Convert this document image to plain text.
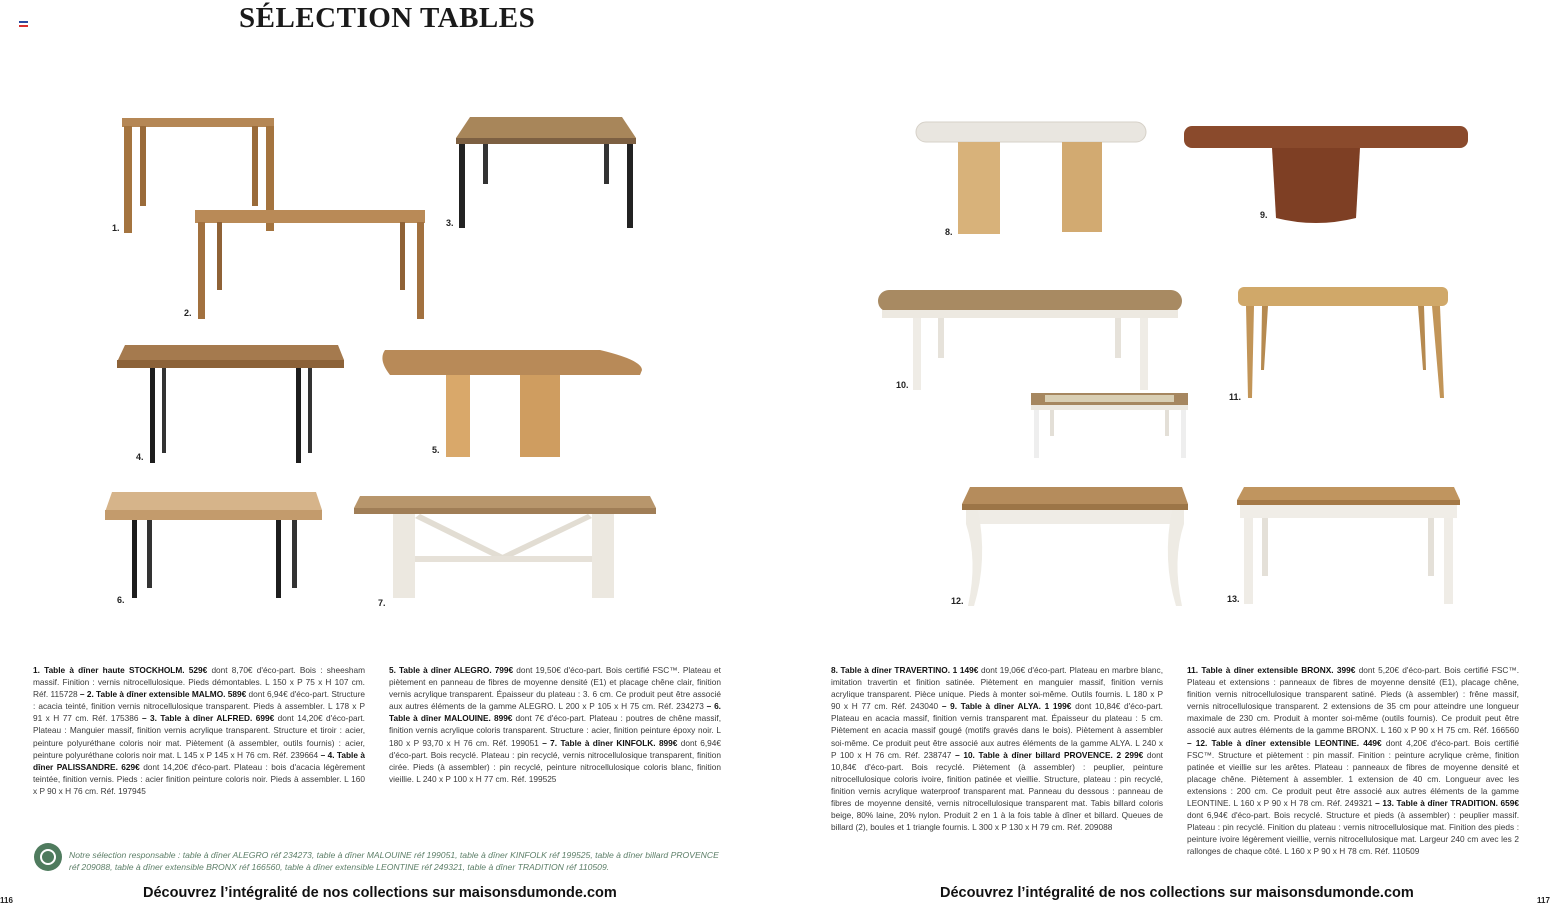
SÉLECTION TABLES
1.
2.
3.
4.
5.
6.	7.
8.
9.
10.
11.
12.	13.
1. Table à dîner haute STOCKHOLM. 529€ dont 8,70€ d'éco-part. Bois : sheesham massif. Finition : vernis nitrocellulosique. Pieds démontables. L 150 x P 75 x H 107 cm. Réf. 115728 – 2. Table à dîner extensible MALMO. 589€ dont 6,94€ d'éco-part. Structure : acacia teinté, finition vernis nitrocellulosique transparent. Pieds à assembler. L 178 x P 91 x H 77 cm. Réf. 175386 – 3. Table à dîner ALFRED. 699€ dont 14,20€ d'éco-part. Plateau : Manguier massif, finition vernis acrylique transparent. Structure et tiroir : acier, peinture polyuréthane coloris noir mat. Piètement (à assembler, outils fournis) : acier, peinture polyuréthane coloris noir mat. L 145 x P 145 x H 76 cm. Réf. 239664 – 4. Table à dîner PALISSANDRE. 629€ dont 14,20€ d'éco-part. Plateau : bois d'acacia légèrement teintée, finition vernis. Pieds : acier finition peinture coloris noir. Pieds à assembler. L 160 x P 90 x H 76 cm. Réf. 197945
5. Table à dîner ALEGRO. 799€ dont 19,50€ d'éco-part. Bois certifié FSC™. Plateau et piètement en panneau de fibres de moyenne densité (E1) et placage chêne clair, finition vernis acrylique transparent. Épaisseur du plateau : 3. 6 cm. Ce produit peut être associé aux autres éléments de la gamme ALEGRO. L 200 x P 105 x H 75 cm. Réf. 234273 – 6. Table à dîner MALOUINE. 899€ dont 7€ d'éco-part. Plateau : poutres de chêne massif, finition vernis acrylique coloris transparent. Structure : acier, finition peinture époxy noir. L 180 x P 93,70 x H 76 cm. Réf. 199051 – 7. Table à dîner KINFOLK. 899€ dont 6,94€ d'éco-part. Bois recyclé. Plateau : pin recyclé, vernis nitrocellulosique transparent, finition cirée. Pieds (à assembler) : pin recyclé, peinture nitrocellulosique coloris blanc, finition vieillie. L 240 x P 100 x H 77 cm. Réf. 199525
8. Table à dîner TRAVERTINO. 1 149€ dont 19,06€ d'éco-part. Plateau en marbre blanc, imitation travertin et finition satinée. Piètement en manguier massif, finition vernis acrylique transparent. Pièce unique. Pieds à monter soi-même. Outils fournis. L 180 x P 90 x H 77 cm. Réf. 243040 – 9. Table à dîner ALYA. 1 199€ dont 10,84€ d'éco-part. Plateau en acacia massif, finition vernis transparent mat. Épaisseur du plateau : 5 cm. Piètement en acacia massif gougé (motifs gravés dans le bois). Piètement à assembler soi-même. Ce produit peut être associé aux autres éléments de la gamme ALYA. L 240 x P 100 x H 76 cm. Réf. 238747 – 10. Table à dîner billard PROVENCE. 2 299€ dont 10,84€ d'éco-part. Bois recyclé. Piètement (à assembler) : peuplier, peinture nitrocellulosique coloris ivoire, finition patinée et vieillie. Structure, plateau : pin recyclé, finition vernis acrylique waterproof transparent mat. Panneau du dessous : panneau de fibres de moyenne densité, vernis nitrocellulosique transparent mat. Tabis billard coloris beige, 80% laine, 20% nylon. Produit 2 en 1 à la fois table à dîner et billard. Queues de billard (2), boules et 1 triangle fournis. L 300 x P 130 x H 79 cm. Réf. 209088
11. Table à dîner extensible BRONX. 399€ dont 5,20€ d'éco-part. Bois certifié FSC™. Plateau et extensions : panneaux de fibres de moyenne densité (E1), placage chêne, finition vernis nitrocellulosique transparent satiné. Pieds (à assembler) : frêne massif, vernis nitrocellulosique transparent. 2 extensions de 35 cm pour atteindre une longueur maximale de 230 cm. Produit à monter soi-même (outils fournis). Ce produit peut être associé aux autres éléments de la gamme BRONX. L 160 x P 90 x H 75 cm. Réf. 166560 – 12. Table à dîner extensible LEONTINE. 449€ dont 4,20€ d'éco-part. Bois certifié FSC™. Structure et piètement : pin massif. Finition : peinture acrylique crème, finition patinée et vieillie sur les arêtes. Plateau : panneaux de fibres de moyenne densité et placage chêne. Piètement à assembler. 1 extension de 40 cm. Longueur avec les extensions : 200 cm. Ce produit peut être associé aux autres éléments de la gamme LEONTINE. L 160 x P 90 x H 78 cm. Réf. 249321 – 13. Table à dîner TRADITION. 659€ dont 6,94€ d'éco-part. Bois recyclé. Structure et pieds (à assembler) : peuplier massif. Plateau : pin recyclé. Finition du plateau : vernis nitrocellulosique mat. Finition des pieds : peinture ivoire légèrement vieillie, vernis nitrocellulosique mat. Largeur 240 cm avec les 2 rallonges de chaque côté. L 160 x P 90 x H 78 cm. Réf. 110509
Notre sélection responsable : table à dîner ALEGRO réf 234273, table à dîner MALOUINE réf 199051, table à dîner KINFOLK réf 199525, table à dîner billard PROVENCE réf 209088, table à dîner extensible BRONX réf 166560, table à dîner extensible LEONTINE réf 249321, table à dîner TRADITION réf 110509.
Découvrez l’intégralité de nos collections sur maisonsdumonde.com	Découvrez l’intégralité de nos collections sur maisonsdumonde.com
116	117
